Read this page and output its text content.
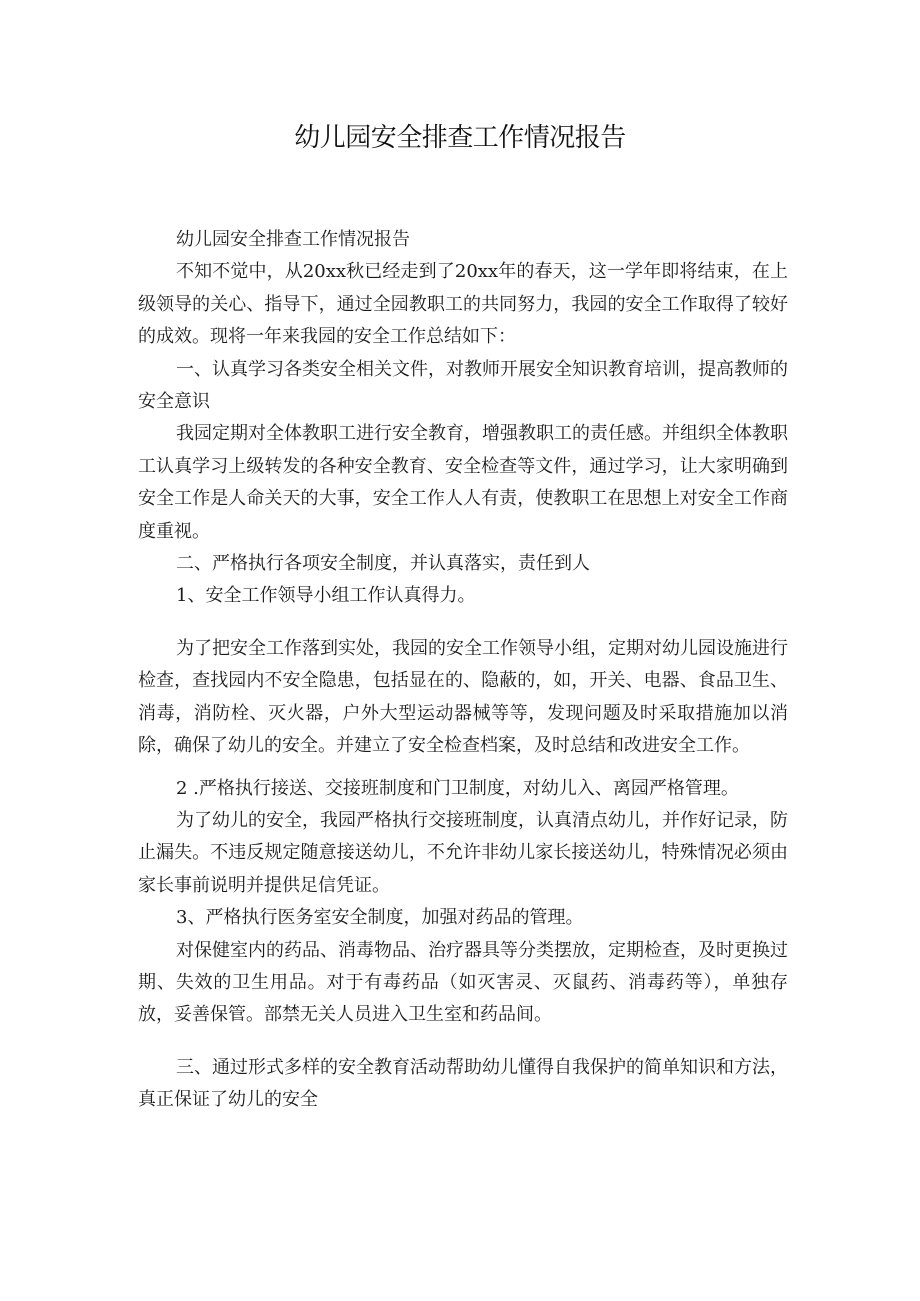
幼儿园安全排查工作情况报告

幼儿园安全排查工作情况报告

不知不觉中，从20xx秋已经走到了20xx年的春天，这一学年即将结束，在上级领导的关心、指导下，通过全园教职工的共同努力，我园的安全工作取得了较好的成效。现将一年来我园的安全工作总结如下：

一、认真学习各类安全相关文件，对教师开展安全知识教育培训，提高教师的安全意识

我园定期对全体教职工进行安全教育，增强教职工的责任感。并组织全体教职工认真学习上级转发的各种安全教育、安全检查等文件，通过学习，让大家明确到安全工作是人命关天的大事，安全工作人人有责，使教职工在思想上对安全工作商度重视。

二、严格执行各项安全制度，并认真落实，责任到人

1、安全工作领导小组工作认真得力。

为了把安全工作落到实处，我园的安全工作领导小组，定期对幼儿园设施进行检查，查找园内不安全隐患，包括显在的、隐蔽的，如，开关、电器、食品卫生、消毒，消防栓、灭火器，户外大型运动器械等等，发现问题及时采取措施加以消除，确保了幼儿的安全。并建立了安全检查档案，及时总结和改进安全工作。

2 .严格执行接送、交接班制度和门卫制度，对幼儿入、离园严格管理。

为了幼儿的安全，我园严格执行交接班制度，认真清点幼儿，并作好记录，防止漏失。不违反规定随意接送幼儿，不允许非幼儿家长接送幼儿，特殊情况必须由家长事前说明并提供足信凭证。

3、严格执行医务室安全制度，加强对药品的管理。

对保健室内的药品、消毒物品、治疗器具等分类摆放，定期检查，及时更换过期、失效的卫生用品。对于有毒药品（如灭害灵、灭鼠药、消毒药等），单独存放，妥善保管。部禁无关人员进入卫生室和药品间。

三、通过形式多样的安全教育活动帮助幼儿懂得自我保护的简单知识和方法，真正保证了幼儿的安全
